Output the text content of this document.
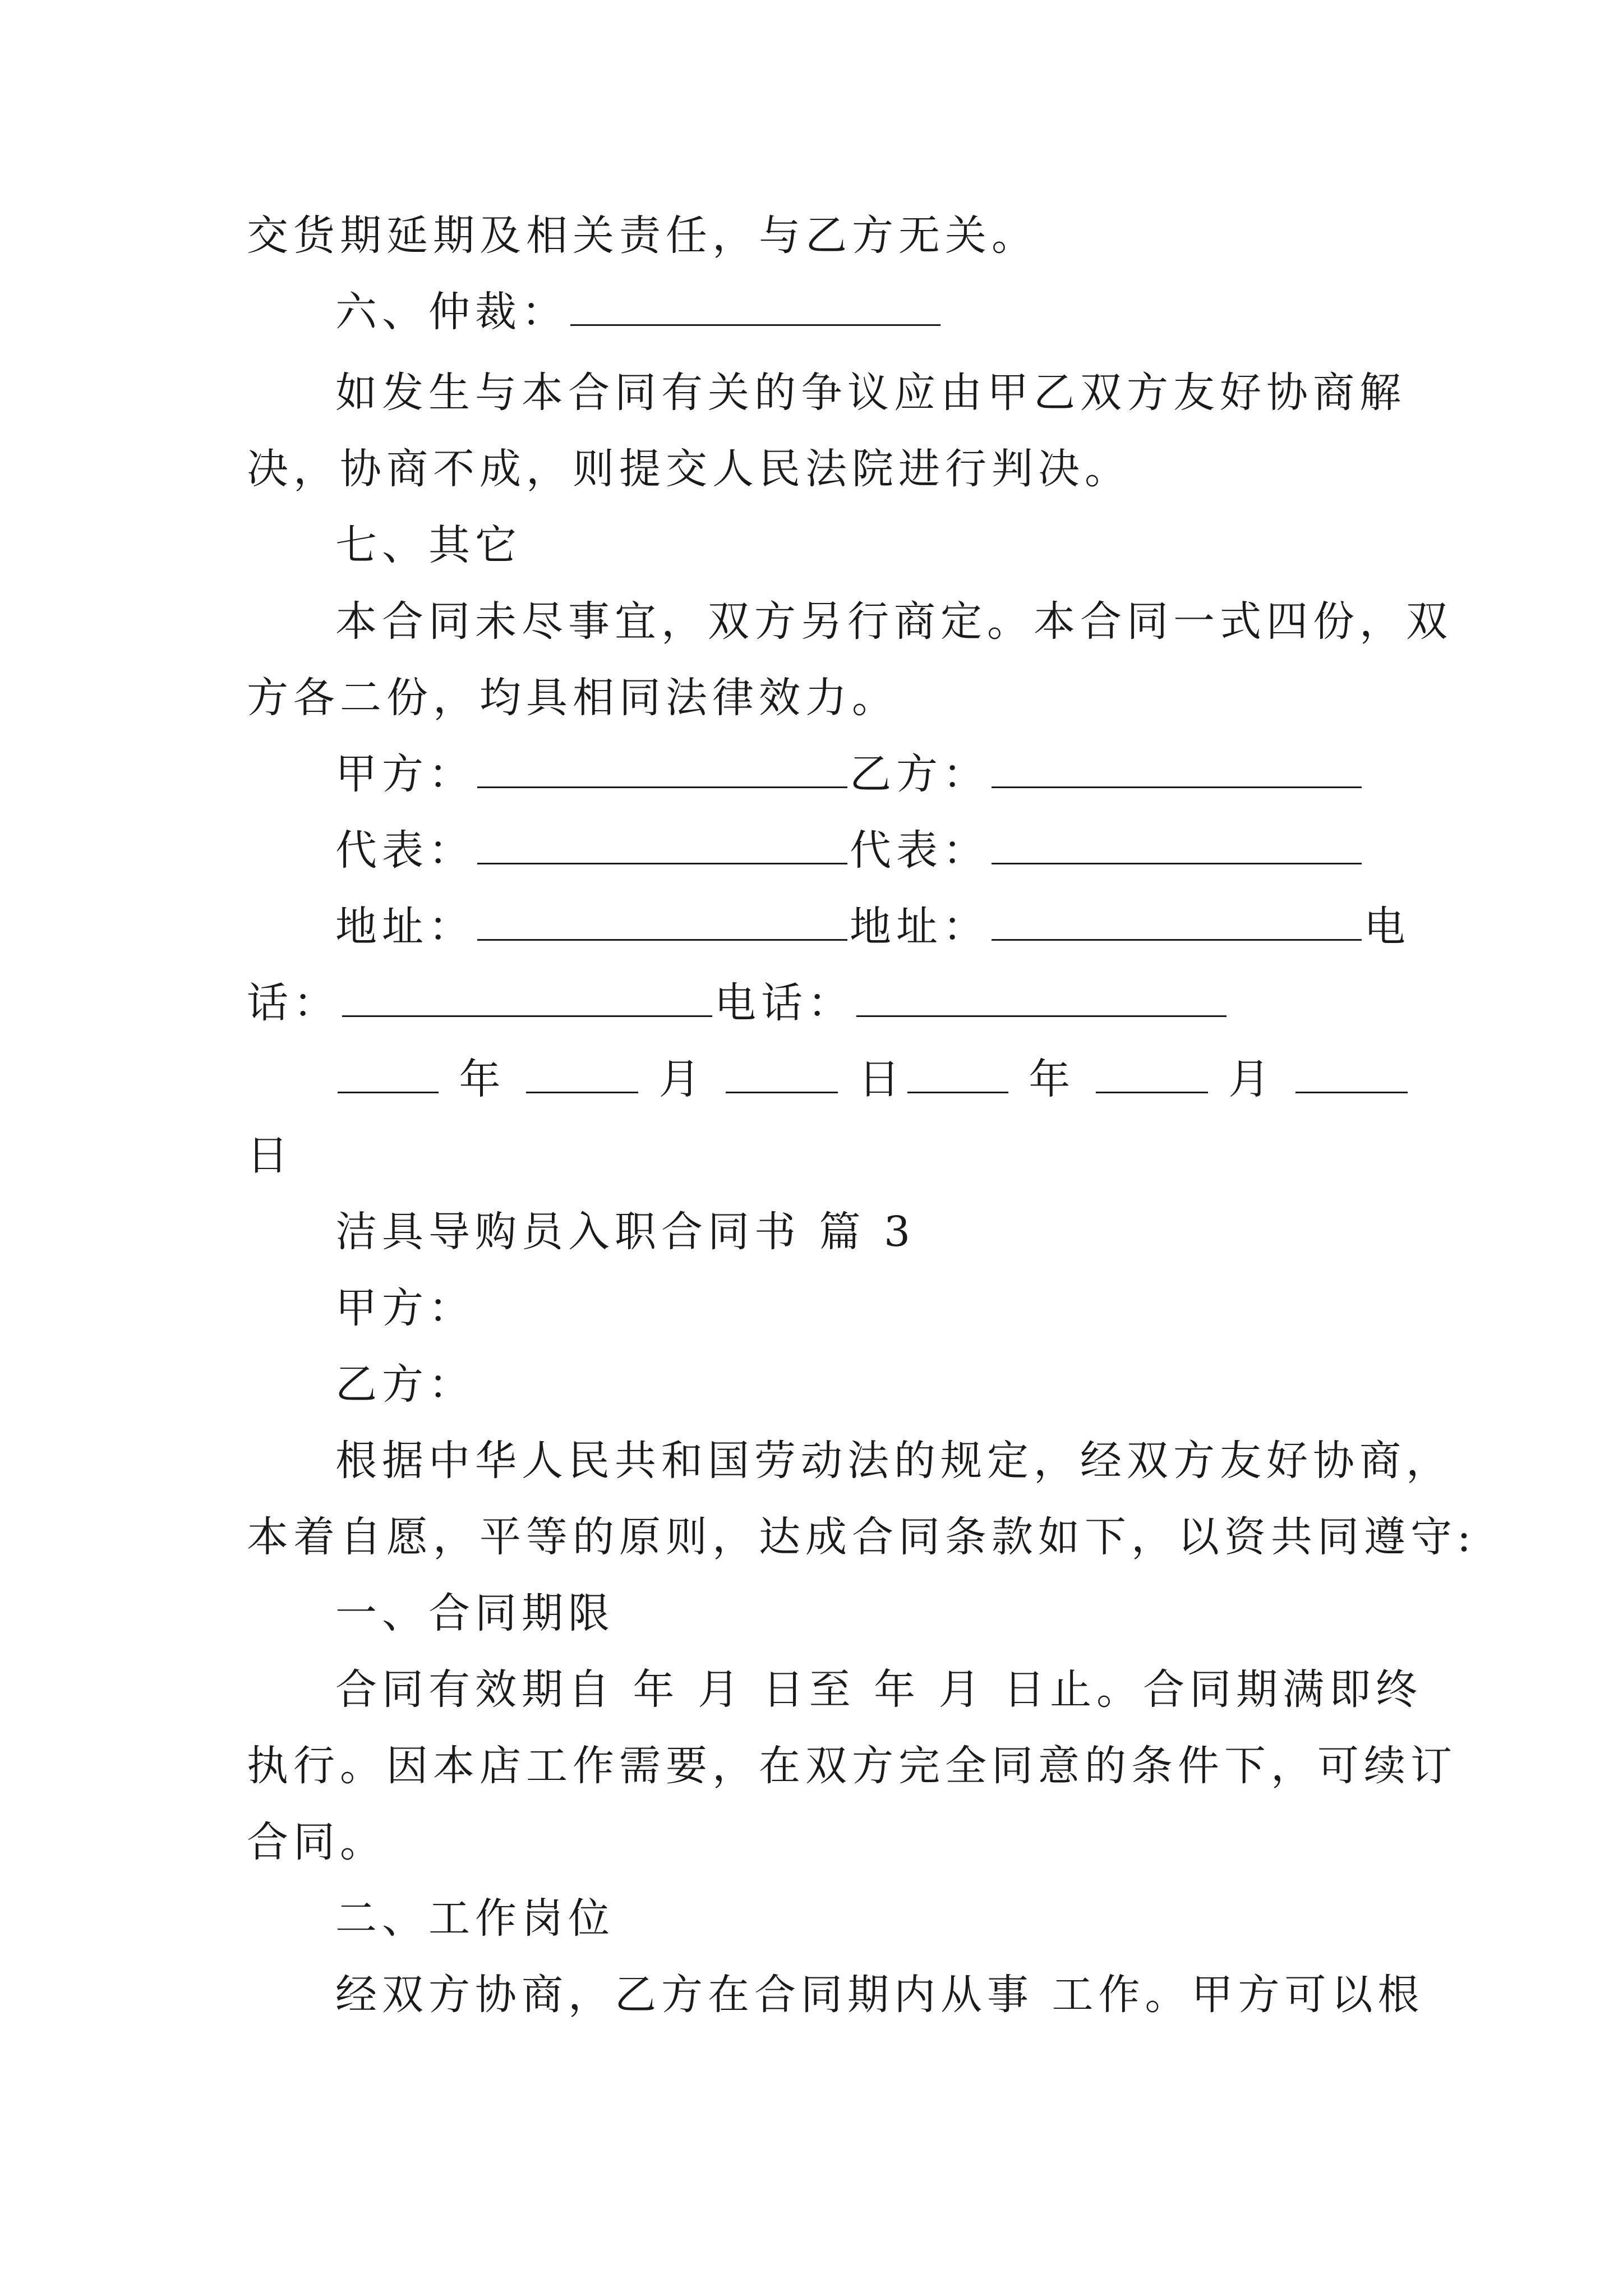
交货期延期及相关责任，与乙方无关。
六、仲裁：
如发生与本合同有关的争议应由甲乙双方友好协商解
决，协商不成，则提交人民法院进行判决。
七、其它
本合同未尽事宜，双方另行商定。本合同一式四份，双
方各二份，均具相同法律效力。
甲方：	乙方：
代表：	代表：
地址：	地址：	电
话：	电话：
年	月	日	年	月
日
洁具导购员入职合同书 篇 3
甲方：
乙方：
根据中华人民共和国劳动法的规定，经双方友好协商，
本着自愿，平等的原则，达成合同条款如下，以资共同遵守:
一、合同期限
合同有效期自 年 月 日至 年 月 日止。合同期满即终
执行。因本店工作需要，在双方完全同意的条件下，可续订
合同。
二、工作岗位
经双方协商，乙方在合同期内从事 工作。甲方可以根
